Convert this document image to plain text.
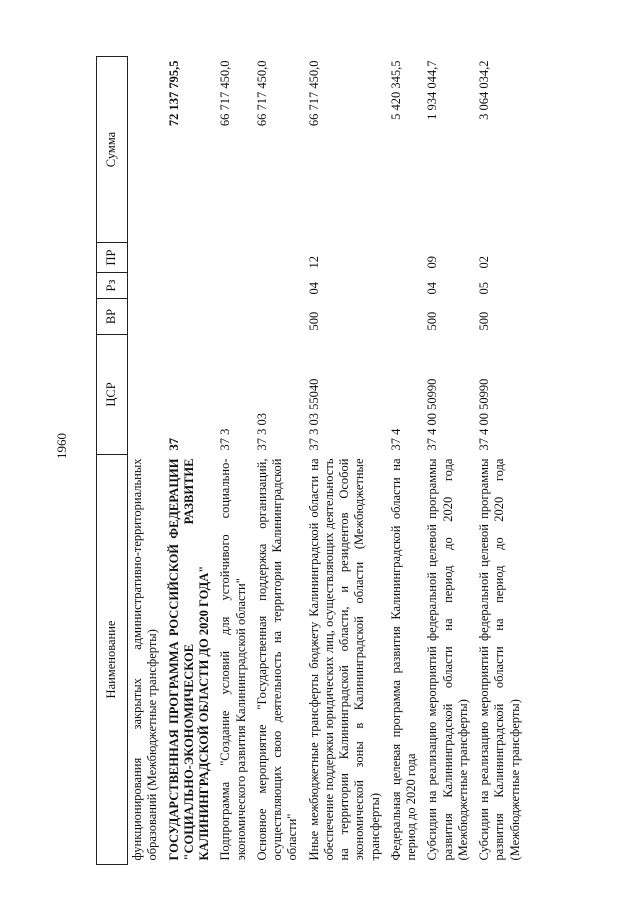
1960
Наименование	ЦСР	ВР	Рз	ПР	Сумма
функционирования закрытых административно-территориальных образований (Межбюджетные трансферты)					
ГОСУДАРСТВЕННАЯ ПРОГРАММА РОССИЙСКОЙ ФЕДЕРАЦИИ "СОЦИАЛЬНО-ЭКОНОМИЧЕСКОЕ РАЗВИТИЕ КАЛИНИНГРАДСКОЙ ОБЛАСТИ ДО 2020 ГОДА"	37				72 137 795,5
Подпрограмма "Создание условий для устойчивого социально-экономического развития Калининградской области"	37 3				66 717 450,0
Основное мероприятие "Государственная поддержка организаций, осуществляющих свою деятельность на территории Калининградской области"	37 3 03				66 717 450,0
Иные межбюджетные трансферты бюджету Калининградской области на обеспечение поддержки юридических лиц, осуществляющих деятельность на территории Калининградской области, и резидентов Особой экономической зоны в Калининградской области (Межбюджетные трансферты)	37 3 03 55040	500	04	12	66 717 450,0
Федеральная целевая программа развития Калининградской области на период до 2020 года	37 4				5 420 345,5
Субсидии на реализацию мероприятий федеральной целевой программы развития Калининградской области на период до 2020 года (Межбюджетные трансферты)	37 4 00 50990	500	04	09	1 934 044,7
Субсидии на реализацию мероприятий федеральной целевой программы развития Калининградской области на период до 2020 года (Межбюджетные трансферты)	37 4 00 50990	500	05	02	3 064 034,2
